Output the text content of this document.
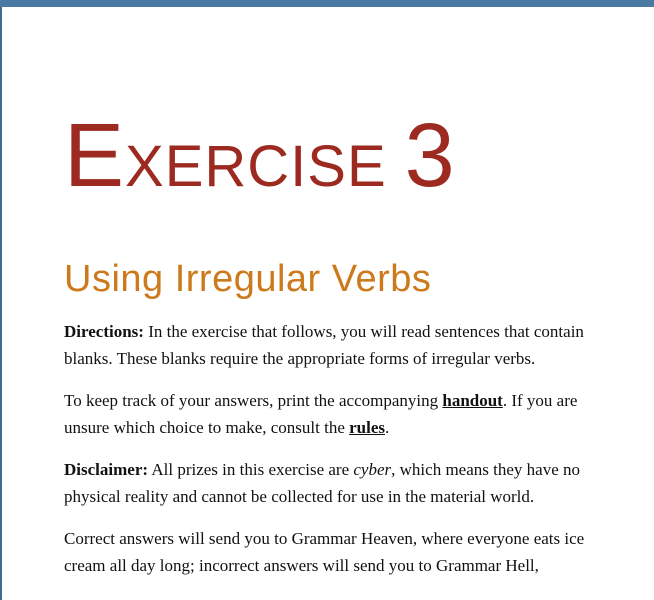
EXERCISE 3
Using Irregular Verbs

Directions: In the exercise that follows, you will read sentences that contain blanks. These blanks require the appropriate forms of irregular verbs.

To keep track of your answers, print the accompanying handout. If you are unsure which choice to make, consult the rules.

Disclaimer: All prizes in this exercise are cyber, which means they have no physical reality and cannot be collected for use in the material world.

Correct answers will send you to Grammar Heaven, where everyone eats ice cream all day long; incorrect answers will send you to Grammar Hell,
